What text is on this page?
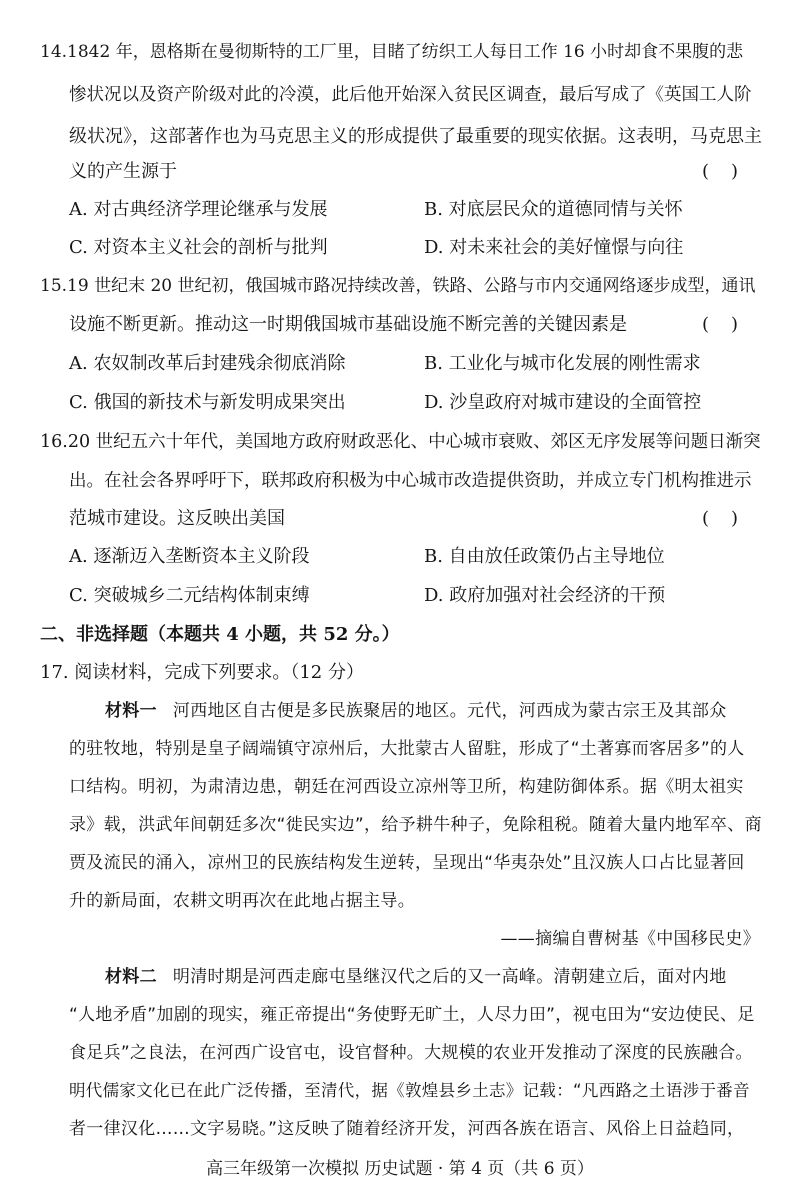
14.1842 年，恩格斯在曼彻斯特的工厂里，目睹了纺织工人每日工作 16 小时却食不果腹的悲
惨状况以及资产阶级对此的冷漠，此后他开始深入贫民区调查，最后写成了《英国工人阶
级状况》，这部著作也为马克思主义的形成提供了最重要的现实依据。这表明，马克思主
义的产生源于	()
A. 对古典经济学理论继承与发展	B. 对底层民众的道德同情与关怀
C. 对资本主义社会的剖析与批判	D. 对未来社会的美好憧憬与向往
15.19 世纪末 20 世纪初，俄国城市路况持续改善，铁路、公路与市内交通网络逐步成型，通讯
设施不断更新。推动这一时期俄国城市基础设施不断完善的关键因素是	()
A. 农奴制改革后封建残余彻底消除	B. 工业化与城市化发展的刚性需求
C. 俄国的新技术与新发明成果突出	D. 沙皇政府对城市建设的全面管控
16.20 世纪五六十年代，美国地方政府财政恶化、中心城市衰败、郊区无序发展等问题日渐突
出。在社会各界呼吁下，联邦政府积极为中心城市改造提供资助，并成立专门机构推进示
范城市建设。这反映出美国	()
A. 逐渐迈入垄断资本主义阶段	B. 自由放任政策仍占主导地位
C. 突破城乡二元结构体制束缚	D. 政府加强对社会经济的干预
二、非选择题（本题共 4 小题，共 52 分。）
17. 阅读材料，完成下列要求。（12 分）
材料一 河西地区自古便是多民族聚居的地区。元代，河西成为蒙古宗王及其部众
的驻牧地，特别是皇子阔端镇守凉州后，大批蒙古人留駐，形成了“土著寡而客居多”的人
口结构。明初，为肃清边患，朝廷在河西设立凉州等卫所，构建防御体系。据《明太祖实
录》载，洪武年间朝廷多次“徙民实边”，给予耕牛种子，免除租税。随着大量内地军卒、商
贾及流民的涌入，凉州卫的民族结构发生逆转，呈现出“华夷杂处”且汉族人口占比显著回
升的新局面，农耕文明再次在此地占据主导。
——摘编自曹树基《中国移民史》
材料二 明清时期是河西走廊屯垦继汉代之后的又一高峰。清朝建立后，面对内地
“人地矛盾”加剧的现实，雍正帝提出“务使野无旷土，人尽力田”，视屯田为“安边使民、足
食足兵”之良法，在河西广设官屯，设官督种。大规模的农业开发推动了深度的民族融合。
明代儒家文化已在此广泛传播，至清代，据《敦煌县乡土志》记载：“凡西路之土语涉于番音
者一律汉化……文字易晓。”这反映了随着经济开发，河西各族在语言、风俗上日益趋同，
高三年级第一次模拟 历史试题 · 第 4 页（共 6 页）
